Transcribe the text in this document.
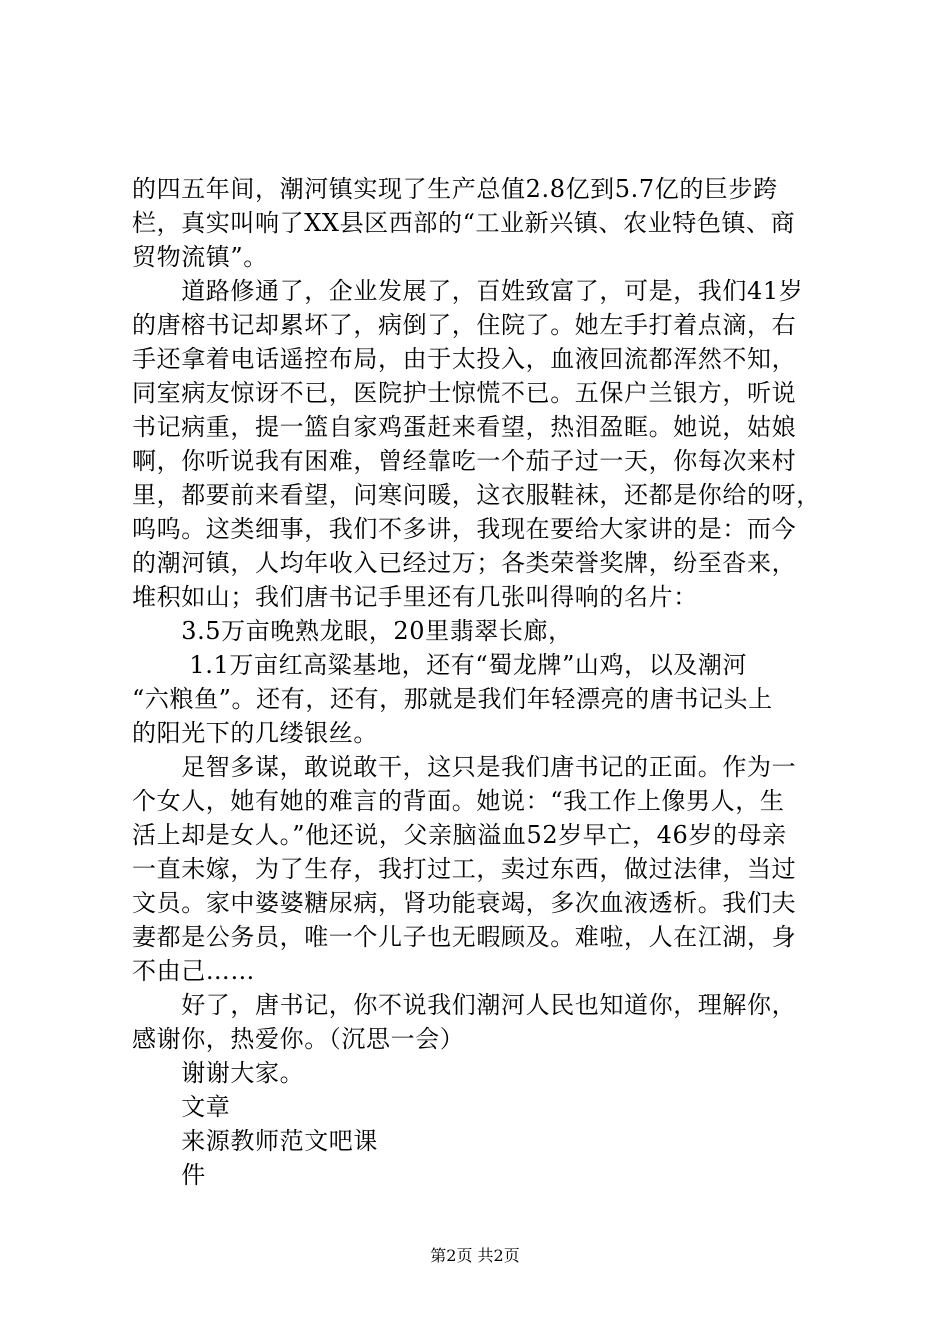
的四五年间，潮河镇实现了生产总值2.8亿到5.7亿的巨步跨
栏，真实叫响了XX县区西部的“工业新兴镇、农业特色镇、商
贸物流镇”。
　　道路修通了，企业发展了，百姓致富了，可是，我们41岁
的唐榕书记却累坏了，病倒了，住院了。她左手打着点滴，右
手还拿着电话遥控布局，由于太投入，血液回流都浑然不知，
同室病友惊讶不已，医院护士惊慌不已。五保户兰银方，听说
书记病重，提一篮自家鸡蛋赶来看望，热泪盈眶。她说，姑娘
啊，你听说我有困难，曾经靠吃一个茄子过一天，你每次来村
里，都要前来看望，问寒问暖，这衣服鞋袜，还都是你给的呀，
呜呜。这类细事，我们不多讲，我现在要给大家讲的是：而今
的潮河镇，人均年收入已经过万；各类荣誉奖牌，纷至沓来，
堆积如山；我们唐书记手里还有几张叫得响的名片：
　　3.5万亩晚熟龙眼，20里翡翠长廊，
　　 1.1万亩红高粱基地，还有“蜀龙牌”山鸡，以及潮河
“六粮鱼”。还有，还有，那就是我们年轻漂亮的唐书记头上
的阳光下的几缕银丝。
　　足智多谋，敢说敢干，这只是我们唐书记的正面。作为一
个女人，她有她的难言的背面。她说：“我工作上像男人，生
活上却是女人。”他还说，父亲脑溢血52岁早亡，46岁的母亲
一直未嫁，为了生存，我打过工，卖过东西，做过法律，当过
文员。家中婆婆糖尿病，肾功能衰竭，多次血液透析。我们夫
妻都是公务员，唯一个儿子也无暇顾及。难啦，人在江湖，身
不由己……
　　好了，唐书记，你不说我们潮河人民也知道你，理解你，
感谢你，热爱你。（沉思一会）
　　谢谢大家。
　　文章
　　来源教师范文吧课
　　件
第2页 共2页
